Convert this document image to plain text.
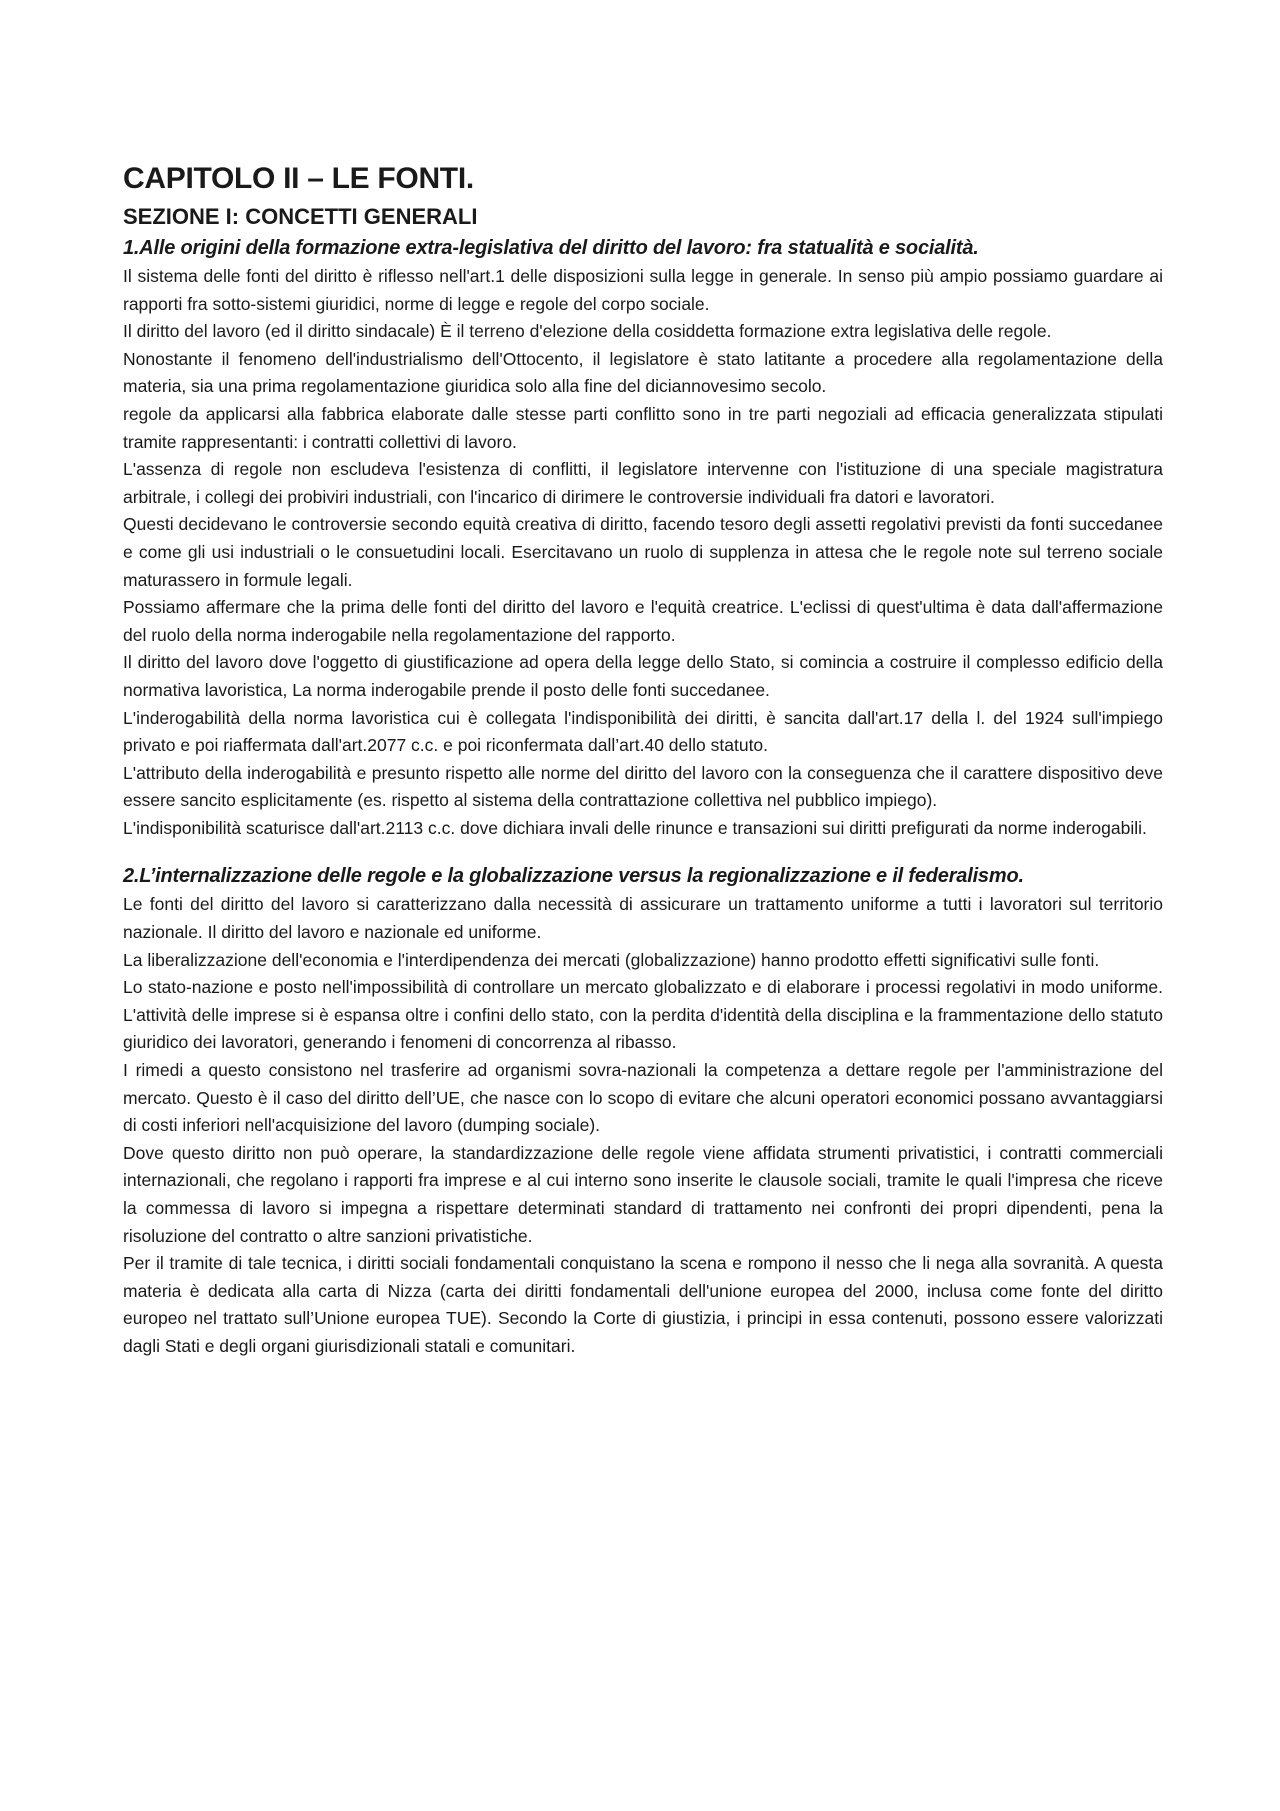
CAPITOLO II – LE FONTI.
SEZIONE I: CONCETTI GENERALI
1.Alle origini della formazione extra-legislativa del diritto del lavoro: fra statualità e socialità.

Il sistema delle fonti del diritto è riflesso nell'art.1 delle disposizioni sulla legge in generale. In senso più ampio possiamo guardare ai rapporti fra sotto-sistemi giuridici, norme di legge e regole del corpo sociale.

Il diritto del lavoro (ed il diritto sindacale) È il terreno d'elezione della cosiddetta formazione extra legislativa delle regole.

Nonostante il fenomeno dell'industrialismo dell'Ottocento, il legislatore è stato latitante a procedere alla regolamentazione della materia, sia una prima regolamentazione giuridica solo alla fine del diciannovesimo secolo.

regole da applicarsi alla fabbrica elaborate dalle stesse parti conflitto sono in tre parti negoziali ad efficacia generalizzata stipulati tramite rappresentanti: i contratti collettivi di lavoro.

L'assenza di regole non escludeva l'esistenza di conflitti, il legislatore intervenne con l'istituzione di una speciale magistratura arbitrale, i collegi dei probiviri industriali, con l'incarico di dirimere le controversie individuali fra datori e lavoratori.

Questi decidevano le controversie secondo equità creativa di diritto, facendo tesoro degli assetti regolativi previsti da fonti succedanee e come gli usi industriali o le consuetudini locali. Esercitavano un ruolo di supplenza in attesa che le regole note sul terreno sociale maturassero in formule legali.

Possiamo affermare che la prima delle fonti del diritto del lavoro e l'equità creatrice. L'eclissi di quest'ultima è data dall'affermazione del ruolo della norma inderogabile nella regolamentazione del rapporto.

Il diritto del lavoro dove l'oggetto di giustificazione ad opera della legge dello Stato, si comincia a costruire il complesso edificio della normativa lavoristica, La norma inderogabile prende il posto delle fonti succedanee.

L'inderogabilità della norma lavoristica cui è collegata l'indisponibilità dei diritti, è sancita dall'art.17 della l. del 1924 sull'impiego privato e poi riaffermata dall'art.2077 c.c. e poi riconfermata dall’art.40 dello statuto.

L'attributo della inderogabilità e presunto rispetto alle norme del diritto del lavoro con la conseguenza che il carattere dispositivo deve essere sancito esplicitamente (es. rispetto al sistema della contrattazione collettiva nel pubblico impiego).

L'indisponibilità scaturisce dall'art.2113 c.c. dove dichiara invali delle rinunce e transazioni sui diritti prefigurati da norme inderogabili.

2.L’internalizzazione delle regole e la globalizzazione versus la regionalizzazione e il federalismo.

Le fonti del diritto del lavoro si caratterizzano dalla necessità di assicurare un trattamento uniforme a tutti i lavoratori sul territorio nazionale. Il diritto del lavoro e nazionale ed uniforme.

La liberalizzazione dell'economia e l'interdipendenza dei mercati (globalizzazione) hanno prodotto effetti significativi sulle fonti.

Lo stato-nazione e posto nell'impossibilità di controllare un mercato globalizzato e di elaborare i processi regolativi in modo uniforme. L'attività delle imprese si è espansa oltre i confini dello stato, con la perdita d'identità della disciplina e la frammentazione dello statuto giuridico dei lavoratori, generando i fenomeni di concorrenza al ribasso.

I rimedi a questo consistono nel trasferire ad organismi sovra-nazionali la competenza a dettare regole per l'amministrazione del mercato. Questo è il caso del diritto dell’UE, che nasce con lo scopo di evitare che alcuni operatori economici possano avvantaggiarsi di costi inferiori nell'acquisizione del lavoro (dumping sociale).

Dove questo diritto non può operare, la standardizzazione delle regole viene affidata strumenti privatistici, i contratti commerciali internazionali, che regolano i rapporti fra imprese e al cui interno sono inserite le clausole sociali, tramite le quali l'impresa che riceve la commessa di lavoro si impegna a rispettare determinati standard di trattamento nei confronti dei propri dipendenti, pena la risoluzione del contratto o altre sanzioni privatistiche.

Per il tramite di tale tecnica, i diritti sociali fondamentali conquistano la scena e rompono il nesso che li nega alla sovranità. A questa materia è dedicata alla carta di Nizza (carta dei diritti fondamentali dell'unione europea del 2000, inclusa come fonte del diritto europeo nel trattato sull’Unione europea TUE). Secondo la Corte di giustizia, i principi in essa contenuti, possono essere valorizzati dagli Stati e degli organi giurisdizionali statali e comunitari.
